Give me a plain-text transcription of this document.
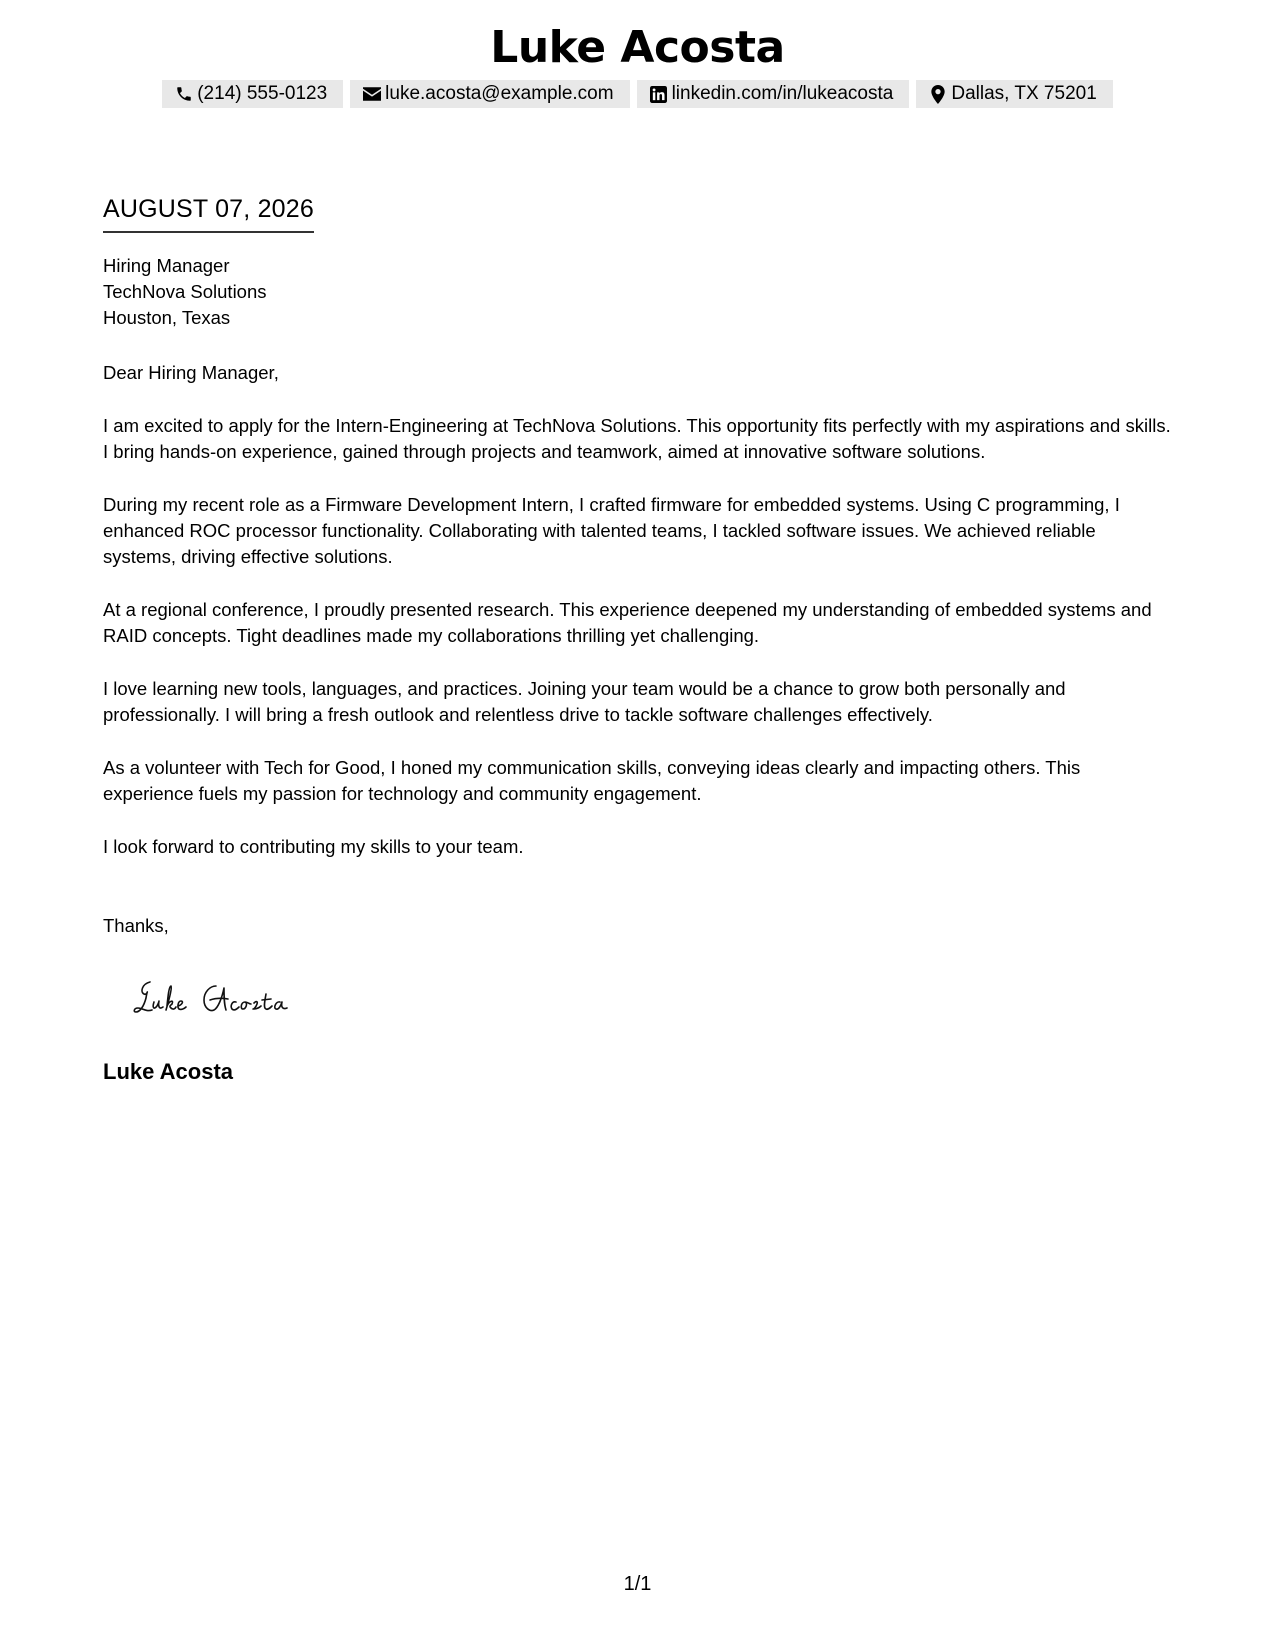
Luke Acosta
(214) 555-0123	luke.acosta@example.com	linkedin.com/in/lukeacosta	Dallas, TX 75201
AUGUST 07, 2026
Hiring Manager
TechNova Solutions
Houston, Texas
Dear Hiring Manager,

I am excited to apply for the Intern-Engineering at TechNova Solutions. This opportunity fits perfectly with my aspirations and skills. I bring hands-on experience, gained through projects and teamwork, aimed at innovative software solutions.

During my recent role as a Firmware Development Intern, I crafted firmware for embedded systems. Using C programming, I enhanced ROC processor functionality. Collaborating with talented teams, I tackled software issues. We achieved reliable systems, driving effective solutions.

At a regional conference, I proudly presented research. This experience deepened my understanding of embedded systems and RAID concepts. Tight deadlines made my collaborations thrilling yet challenging.

I love learning new tools, languages, and practices. Joining your team would be a chance to grow both personally and professionally. I will bring a fresh outlook and relentless drive to tackle software challenges effectively.

As a volunteer with Tech for Good, I honed my communication skills, conveying ideas clearly and impacting others. This experience fuels my passion for technology and community engagement.

I look forward to contributing my skills to your team.

Thanks,
Luke Acosta
1/1
